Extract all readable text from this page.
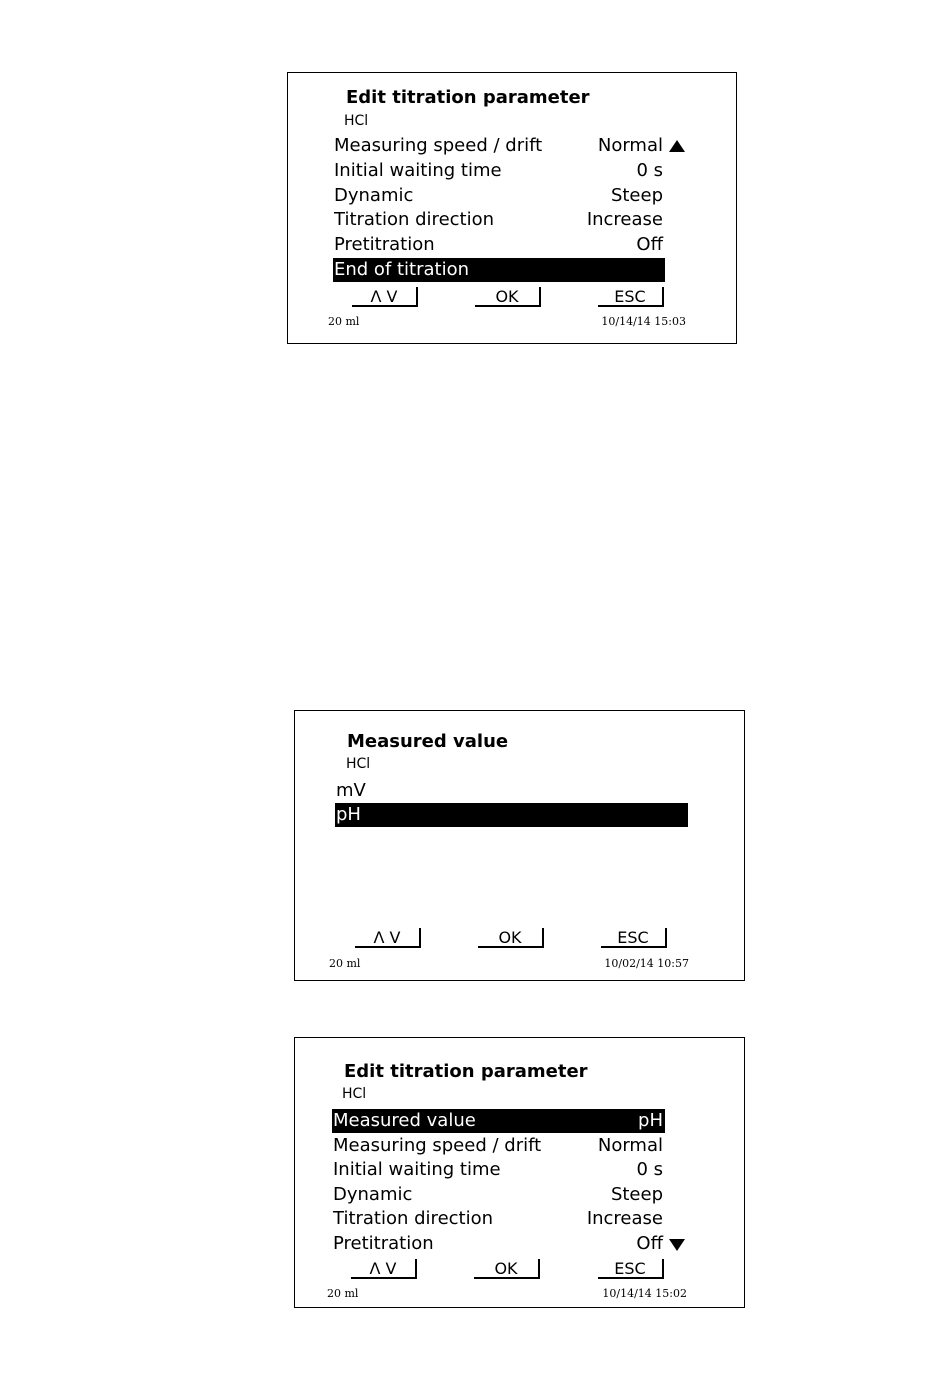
Edit titration parameter
HCl
Measuring speed / drift	Normal
Initial waiting time	0 s
Dynamic	Steep
Titration direction	Increase
Pretitration	Off
End of titration
Λ V	OK	ESC
20 ml	10/14/14 15:03
Measured value
HCl
mV
pH
Λ V	OK	ESC
20 ml	10/02/14 10:57
Edit titration parameter
HCl
Measured value	pH
Measuring speed / drift	Normal
Initial waiting time	0 s
Dynamic	Steep
Titration direction	Increase
Pretitration	Off
Λ V	OK	ESC
20 ml	10/14/14 15:02
